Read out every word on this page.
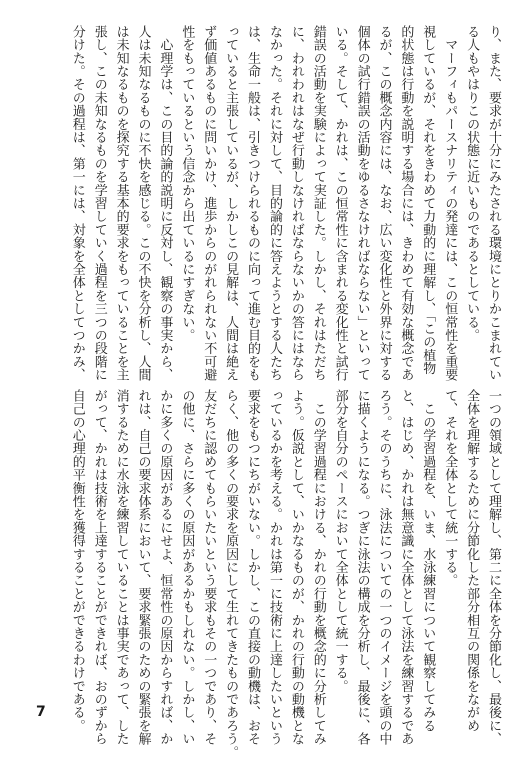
り、また、要求が十分にみたされる環境にとりかこまれてい
る人もやはりこの状態に近いものであるとしている。
　マーフィもパースナリティの発達には、この恒常性を重要
視しているが、それをきわめて力動的に理解し、「この植物
的状態は行動を説明する場合には、きわめて有効な概念であ
るが、この概念内容には、なお、広い変化性と外界に対する
個体の試行錯誤の活動をゆるさなければならない」といって
いる。そして、かれは、この恒常性に含まれる変化性と試行
錯誤の活動を実験によって実証した。しかし、それはただち
に、われわれはなぜ行動しなければならないかの答にはなら
なかった。それに対して、目的論的に答えようとする人たち
は、生命一般は、引きつけられるものに向って進む目的をも
っていると主張しているが、しかしこの見解は、人間は絶え
ず価値あるものに問いかけ、進歩からのがれられない不可避
性をもっているという信念から出ているにすぎない。
　心理学は、この目的論的説明に反対し、観察の事実から、
人は未知なるものに不快を感じる。この不快を分析し、人間
は未知なるものを探究する基本的要求をもっていることを主
張し、この未知なるものを学習していく過程を三つの段階に
分けた。その過程は、第一には、対象を全体としてつかみ、
一つの領域として理解し、第二に全体を分節化し、最後に、
全体を理解するために分節化した部分相互の関係をながめ
て、それを全体として統一する。
　この学習過程を、いま、水泳練習について観察してみる
と、はじめ、かれは無意識に全体として泳法を練習するであ
ろう。そのうちに、泳法についての一つのイメージを頭の中
に描くようになる。つぎに泳法の構成を分析し、最後に、各
部分を自分のペースにおいて全体として統一する。
　この学習過程における、かれの行動を概念的に分析してみ
よう。仮説として、いかなるものが、かれの行動の動機とな
っているかを考える。かれは第一に技術に上達したいという
要求をもつにちがいない。しかし、この直接の動機は、おそ
らく、他の多くの要求を原因にして生れてきたものであろう。
友だちに認めてもらいたいという要求もその一つであり、そ
の他に、さらに多くの原因があるかもしれない。しかし、い
かに多くの原因があるにせよ、恒常性の原因からすれば、か
れは、自己の要求体系において、要求緊張のための緊張を解
消するために水泳を練習していることは事実であって、した
がって、かれは技術を上達することができれば、おのずから
自己の心理的平衡性を獲得することができるわけである。
7
